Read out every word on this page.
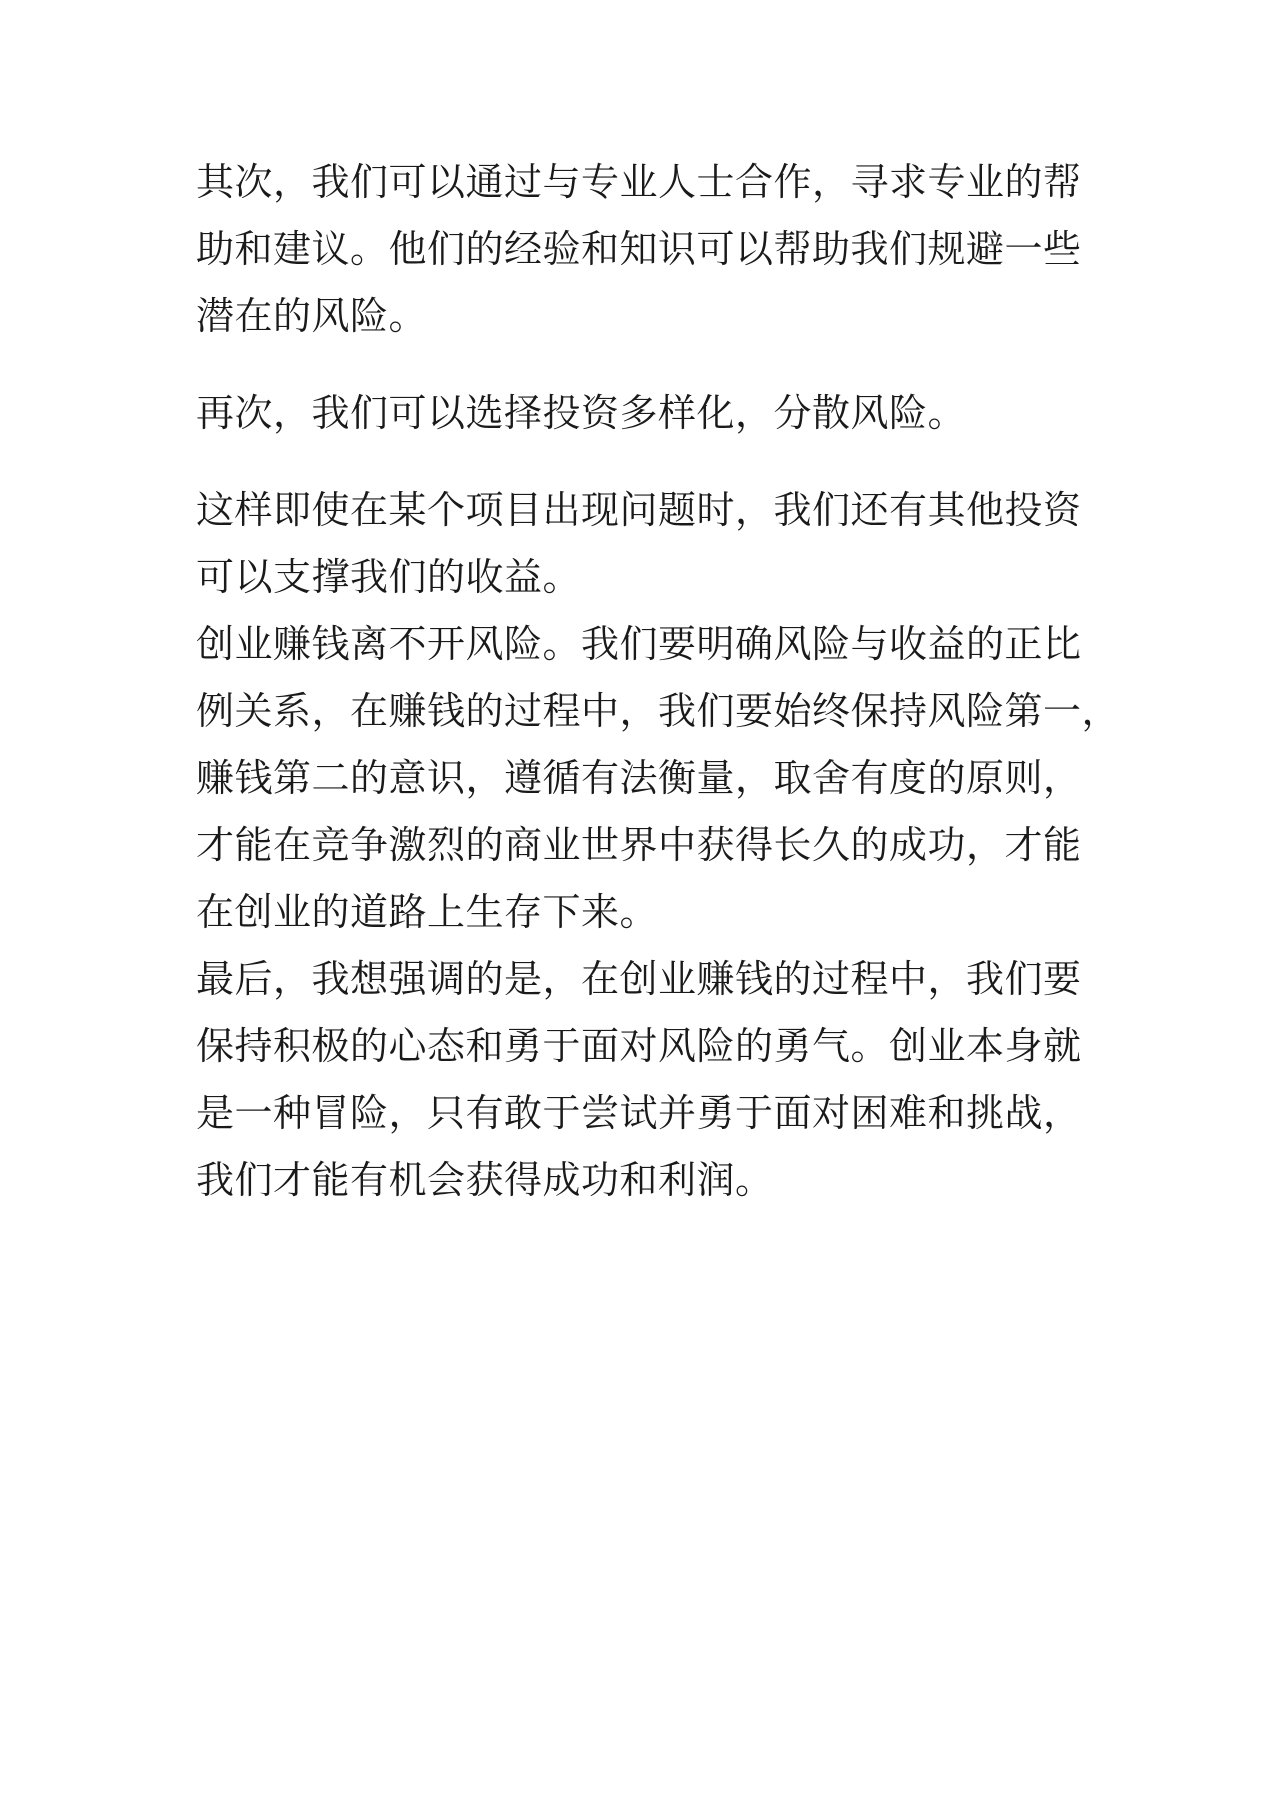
其次，我们可以通过与专业人士合作，寻求专业的帮
助和建议。他们的经验和知识可以帮助我们规避一些
潜在的风险。
再次，我们可以选择投资多样化，分散风险。
这样即使在某个项目出现问题时，我们还有其他投资
可以支撑我们的收益。
创业赚钱离不开风险。我们要明确风险与收益的正比
例关系，在赚钱的过程中，我们要始终保持风险第一，
赚钱第二的意识，遵循有法衡量，取舍有度的原则，
才能在竞争激烈的商业世界中获得长久的成功，才能
在创业的道路上生存下来。
最后，我想强调的是，在创业赚钱的过程中，我们要
保持积极的心态和勇于面对风险的勇气。创业本身就
是一种冒险，只有敢于尝试并勇于面对困难和挑战，
我们才能有机会获得成功和利润。
